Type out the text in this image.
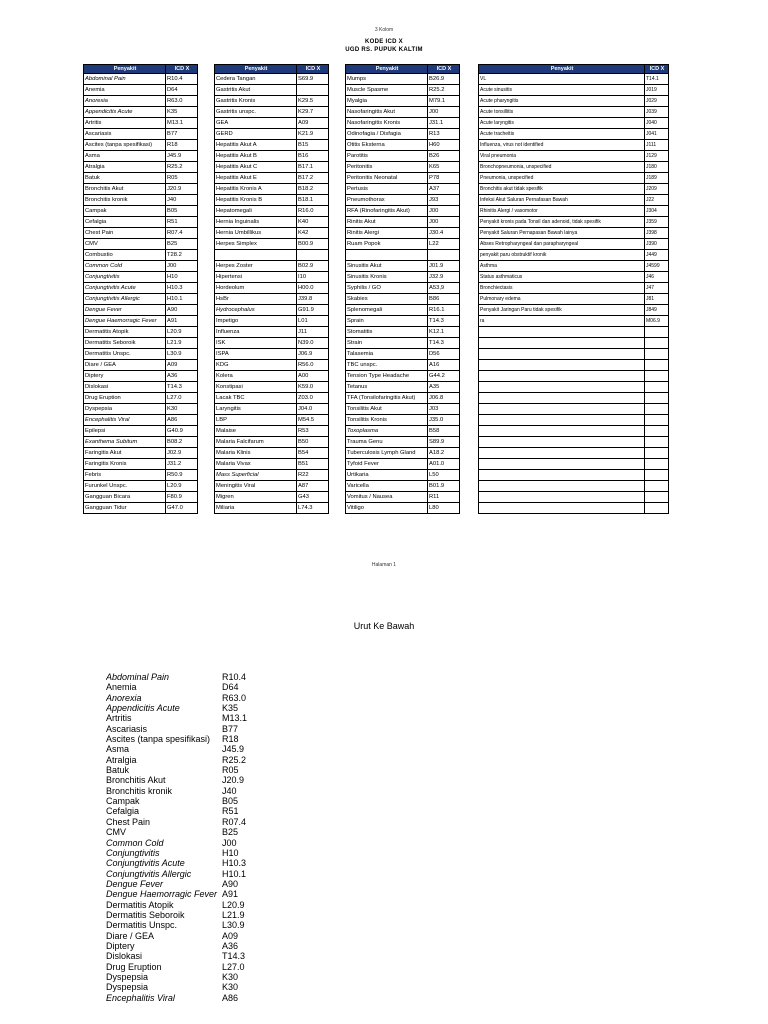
3 Kolom
KODE ICD X
UGD RS. PUPUK KALTIM
Penyakit	ICD X
Abdominal Pain	R10.4
Anemia	D64
Anorexia	R63.0
Appendicitis Acute	K35
Artritis	M13.1
Ascariasis	B77
Ascites (tanpa spesifikasi)	R18
Asma	J45.9
Atralgia	R25.2
Batuk	R05
Bronchitis Akut	J20.9
Bronchitis kronik	J40
Campak	B05
Cefalgia	R51
Chest Pain	R07.4
CMV	B25
Combustio	T28.2
Common Cold	J00
Conjungtivitis	H10
Conjungtivitis Acute	H10.3
Conjungtivitis Allergic	H10.1
Dengue Fever	A90
Dengue Haemorragic Fever	A91
Dermatitis Atopik	L20.9
Dermatitis Seboroik	L21.9
Dermatitis Unspc.	L30.9
Diare / GEA	A09
Diptery	A36
Dislokasi	T14.3
Drug Eruption	L27.0
Dyspepsia	K30
Encephalitis Viral	A86
Epilepsi	G40.9
Exanthema Subitum	B08.2
Faringitis Akut	J02.9
Faringitis Kronis	J31.2
Febris	R50.9
Furunkel Unspc.	L20.9
Gangguan Bicara	F80.9
Gangguan Tidur	G47.0
Penyakit	ICD X
Cedera Tangan	S69.9
Gastritis Akut	
Gastritis Kronis	K29.5
Gastritis unspc.	K29.7
GEA	A09
GERD	K21.9
Hepatitis Akut A	B15
Hepatitis Akut B	B16
Hepatitis Akut C	B17.1
Hepatitis Akut E	B17.2
Hepatitis Kronis A	B18.2
Hepatitis Kronis B	B18.1
Hepatomegali	R16.0
Hernia Inguinalis	K40
Hernia Umbillikus	K42
Herpes Simplex	B00.9

Herpes Zoster	B02.9
Hipertensi	I10
Hordeolum	H00.0
HsBr	J39.8
Hydrocephalus	G91.9
Impetigo	L01
Influenza	J11
ISK	N39.0
ISPA	J06.9
KDG	R56.0
Kolera	A00
Konstipasi	K59.0
Lacak TBC	Z03.0
Laryngitis	J04.0
LBP	M54.5
Malaise	R53
Malaria Falcifarum	B50
Malaria Klinis	B54
Malaria Vivax	B51
Mass Superficial	R22
Meningitis Viral	A87
Migren	G43
Miliaria	L74.3
Penyakit	ICD X
Mumps	B26.9
Muscle Spasme	R25.2
Myalgia	M79.1
Nasofaringitis Akut	J00
Nasofaringitis Kronis	J31.1
Odinofagia / Disfagia	R13
Otitis Eksterna	H60
Parotitis	B26
Peritonitis	K65
Peritonitis Neonatal	P78
Pertusis	A37
Pneumothorax	J93
RFA (Rinofaringitis Akut)	J00
Rinitis Akut	J00
Rinitis Alergi	J30.4
Ruam Popok	L22

Sinusitis Akut	J01.9
Sinusitis Kronis	J32.9
Syphilis / GO	A53,9
Skabies	B86
Splenomegali	R16.1
Sprain	T14.3
Stomatitis	K12.1
Strain	T14.3
Talasemia	D56
TBC unspc.	A16
Tension Type Headache	G44.2
Tetanus	A35
TFA (Tonsilofaringitis Akut)	J06.8
Tonsilitis Akut	J03
Tonsilitis Kronis	J35.0
Toxoplasma	B58
Trauma Genu	S89.9
Tuberculosis Lymph Gland	A18.2
Tyfoid Fever	A01.0
Urtikaria	L50
Varicella	B01.9
Vomitus / Nausea	R11
Vitiligo	L80
Penyakit	ICD X
VL	T14.1
Acute sinusitis	J019
Acute pharyngitis	J029
Acute tonsillitis	J039
Acute laryngitis	J040
Acute tracheitis	J041
Influenza, virus not identified	J111
Viral pneumonia	J129
Bronchopneumonia, unspecified	J180
Pneumonia, unspecified	J189
Bronchitis akut tidak spesifik	J209
Infeksi Akut Saluran Pernafasan Bawah	J22
Rhinitis Alergi / vasomotor	J304
Penyakit kronis pada Tonsil dan adenoid, tidak spesifik	J359
Penyakit Saluran Pernapasan Bawah lainya	J398
Abses Retropharyngeal dan parapharyngeal	J390
penyakit paru obstruktif kronik	J449
Asthma	J4599
Status asthmaticus	J46
Bronchiectasis	J47
Pulmonary edema	J81
Penyakit Jaringan Paru tidak spesifik	J849
ra	M06.9

Halaman 1
Urut Ke Bawah
Abdominal Pain	R10.4
Anemia	D64
Anorexia	R63.0
Appendicitis Acute	K35
Artritis	M13.1
Ascariasis	B77
Ascites (tanpa spesifikasi)	R18
Asma	J45.9
Atralgia	R25.2
Batuk	R05
Bronchitis Akut	J20.9
Bronchitis kronik	J40
Campak	B05
Cefalgia	R51
Chest Pain	R07.4
CMV	B25
Common Cold	J00
Conjungtivitis	H10
Conjungtivitis Acute	H10.3
Conjungtivitis Allergic	H10.1
Dengue Fever	A90
Dengue Haemorragic Fever A91
Dermatitis Atopik	L20.9
Dermatitis Seboroik	L21.9
Dermatitis Unspc.	L30.9
Diare / GEA	A09
Diptery	A36
Dislokasi	T14.3
Drug Eruption	L27.0
Dyspepsia	K30
Dyspepsia	K30
Encephalitis Viral	A86
